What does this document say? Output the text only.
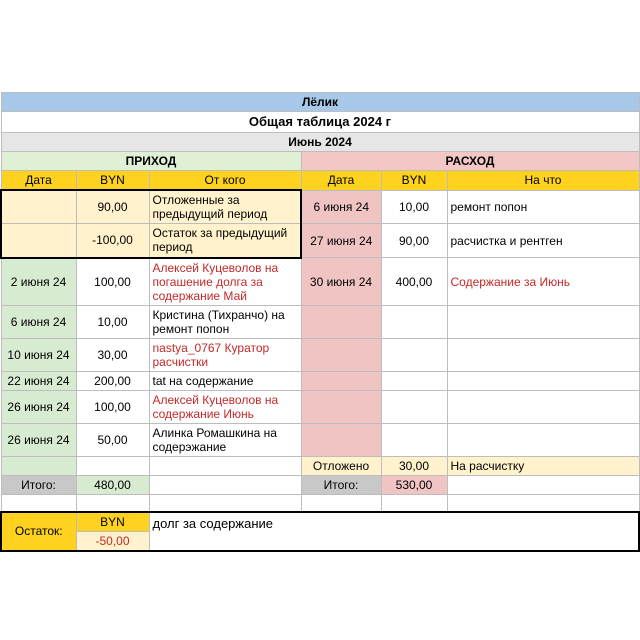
Лёлик					
Общая таблица 2024 г					
Июнь 2024					
ПРИХОД			РАСХОД		
Дата	BYN	От кого	Дата	BYN	На что
	90,00	Отложенные за предыдущий период	6 июня 24	10,00	ремонт попон
	-100,00	Остаток за предыдущий период	27 июня 24	90,00	расчистка и рентген
2 июня 24	100,00	Алексей Куцеволов на погашение долга за содержание Май	30 июня 24	400,00	Содержание за Июнь
6 июня 24	10,00	Кристина (Тихранчо) на ремонт попон			
10 июня 24	30,00	nastya_0767 Куратор расчистки			
22 июня 24	200,00	tat на содержание			
26 июня 24	100,00	Алексей Куцеволов на содержание Июнь			
26 июня 24	50,00	Алинка Ромашкина на содерэжание			
			Отложено	30,00	На расчистку
Итого:	480,00		Итого:	530,00	

Остаток:	BYN	долг за содержание			
	-50,00				
